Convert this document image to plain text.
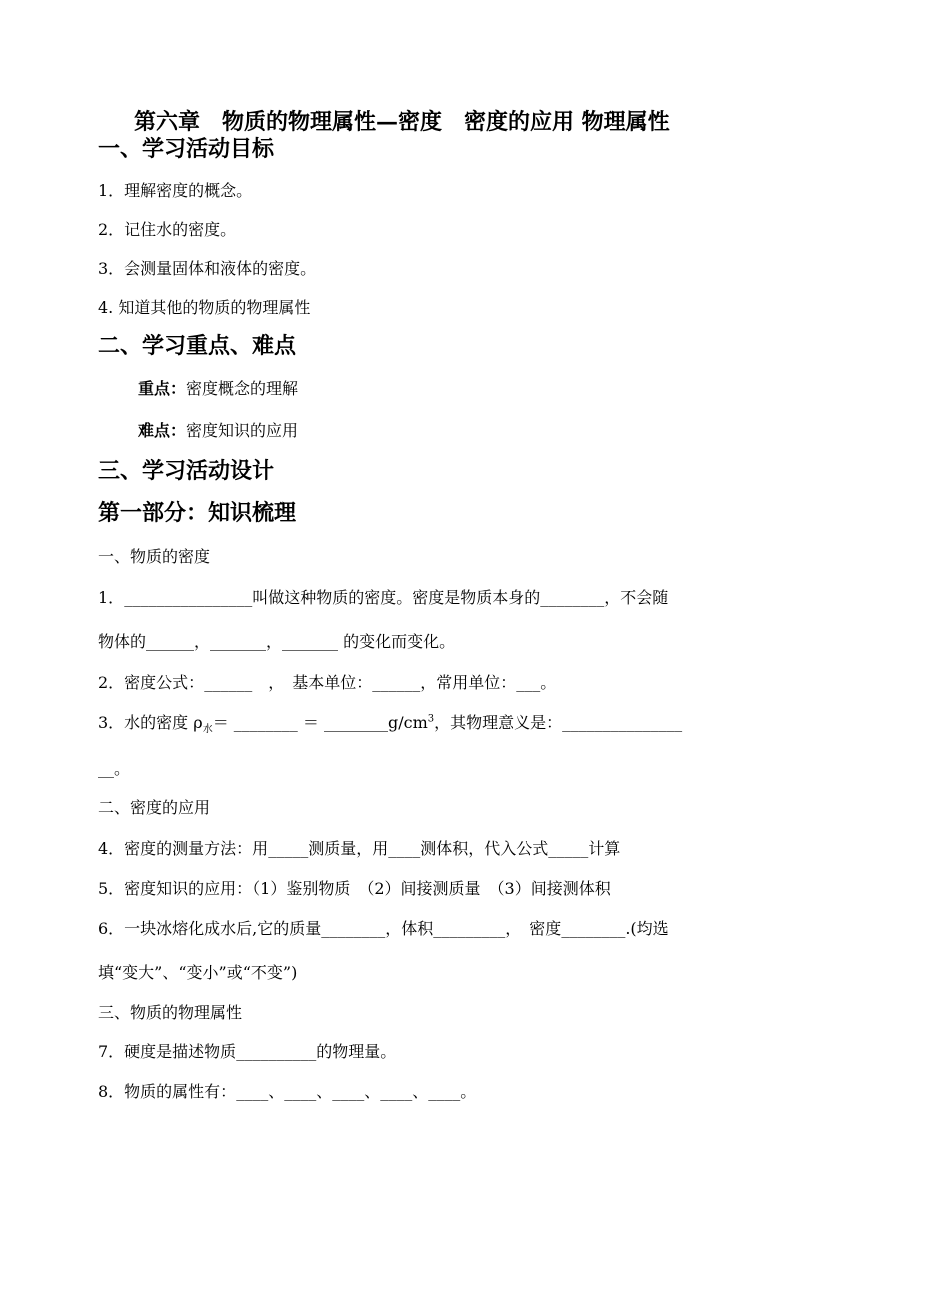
第六章　物质的物理属性—密度　密度的应用 物理属性
一、学习活动目标
1．理解密度的概念。
2．记住水的密度。
3．会测量固体和液体的密度。
4. 知道其他的物质的物理属性
二、学习重点、难点
重点：密度概念的理解
难点：密度知识的应用
三、学习活动设计
第一部分：知识梳理
一、物质的密度
1．________________叫做这种物质的密度。密度是物质本身的________，不会随
物体的______，_______，_______ 的变化而变化。
2．密度公式：______　，　基本单位：______，常用单位：___。
3．水的密度 $\rho_水=$ ________ ＝ $\_\_\_\_\_\_\_\_g/cm^3$，其物理意义是：_______________
__。
二、密度的应用
4．密度的测量方法：用_____测质量，用____测体积，代入公式_____计算
5．密度知识的应用：（1）鉴别物质　（2）间接测质量　（3）间接测体积
6．一块冰熔化成水后,它的质量________，体积_________，　密度________.(均选
填“变大”、“变小”或“不变”)
三、物质的物理属性
7．硬度是描述物质__________的物理量。
8．物质的属性有：____、____、____、____、____。
